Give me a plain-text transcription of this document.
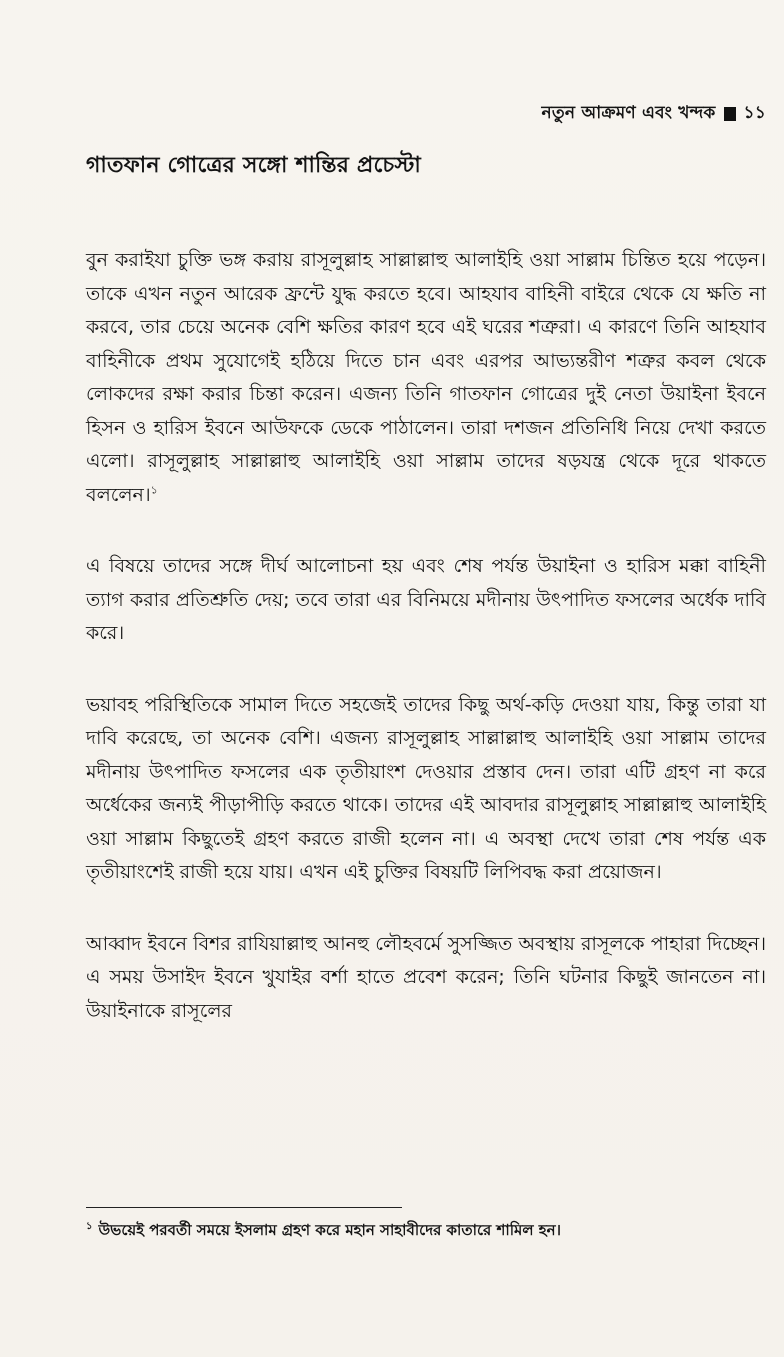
নতুন আক্রমণ এবং খন্দক ১১
গাতফান গোত্রের সঙ্গো শান্তির প্রচেস্টা

বুন করাইযা চুক্তি ভঙ্গ করায় রাসূলুল্লাহ সাল্লাল্লাহু আলাইহি ওয়া সাল্লাম চিন্তিত হয়ে পড়েন। তাকে এখন নতুন আরেক ফ্রন্টে যুদ্ধ করতে হবে। আহযাব বাহিনী বাইরে থেকে যে ক্ষতি না করবে, তার চেয়ে অনেক বেশি ক্ষতির কারণ হবে এই ঘরের শত্রুরা। এ কারণে তিনি আহযাব বাহিনীকে প্রথম সুযোগেই হঠিয়ে দিতে চান এবং এরপর আভ্যন্তরীণ শত্রুর কবল থেকে লোকদের রক্ষা করার চিন্তা করেন। এজন্য তিনি গাতফান গোত্রের দুই নেতা উয়াইনা ইবনে হিসন ও হারিস ইবনে আউফকে ডেকে পাঠালেন। তারা দশজন প্রতিনিধি নিয়ে দেখা করতে এলো। রাসূলুল্লাহ সাল্লাল্লাহু আলাইহি ওয়া সাল্লাম তাদের ষড়যন্ত্র থেকে দূরে থাকতে বললেন।$^১$

এ বিষয়ে তাদের সঙ্গে দীর্ঘ আলোচনা হয় এবং শেষ পর্যন্ত উয়াইনা ও হারিস মক্কা বাহিনী ত্যাগ করার প্রতিশ্রুতি দেয়; তবে তারা এর বিনিময়ে মদীনায় উৎপাদিত ফসলের অর্ধেক দাবি করে।

ভয়াবহ পরিস্থিতিকে সামাল দিতে সহজেই তাদের কিছু অর্থ-কড়ি দেওয়া যায়, কিন্তু তারা যা দাবি করেছে, তা অনেক বেশি। এজন্য রাসূলুল্লাহ সাল্লাল্লাহু আলাইহি ওয়া সাল্লাম তাদের মদীনায় উৎপাদিত ফসলের এক তৃতীয়াংশ দেওয়ার প্রস্তাব দেন। তারা এটি গ্রহণ না করে অর্ধেকের জন্যই পীড়াপীড়ি করতে থাকে। তাদের এই আবদার রাসূলুল্লাহ সাল্লাল্লাহু আলাইহি ওয়া সাল্লাম কিছুতেই গ্রহণ করতে রাজী হলেন না। এ অবস্থা দেখে তারা শেষ পর্যন্ত এক তৃতীয়াংশেই রাজী হয়ে যায়। এখন এই চুক্তির বিষয়টি লিপিবদ্ধ করা প্রয়োজন।

আব্বাদ ইবনে বিশর রাযিয়াল্লাহু আনহু লৌহবর্মে সুসজ্জিত অবস্থায় রাসূলকে পাহারা দিচ্ছেন। এ সময় উসাইদ ইবনে খুযাইর বর্শা হাতে প্রবেশ করেন; তিনি ঘটনার কিছুই জানতেন না। উয়াইনাকে রাসূলের

$^১$ উভয়েই পরবর্তী সময়ে ইসলাম গ্রহণ করে মহান সাহাবীদের কাতারে শামিল হন।
